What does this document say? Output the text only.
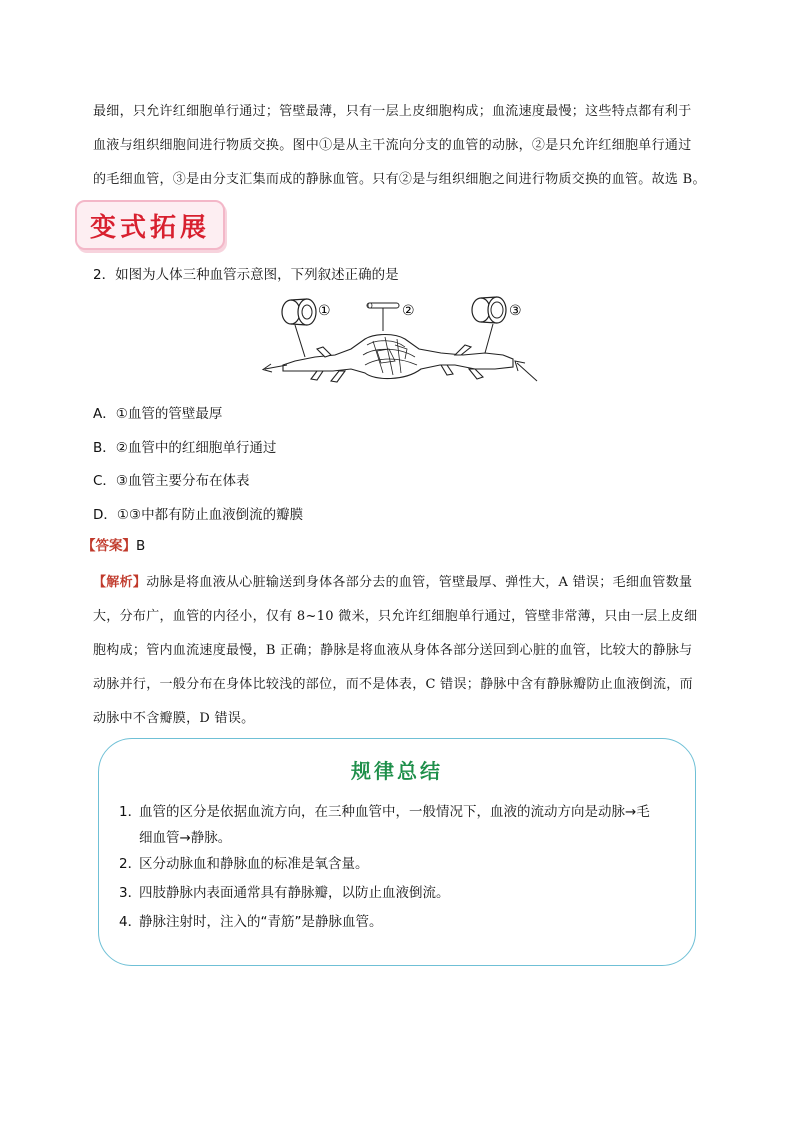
最细，只允许红细胞单行通过；管壁最薄，只有一层上皮细胞构成；血流速度最慢；这些特点都有利于
血液与组织细胞间进行物质交换。图中①是从主干流向分支的血管的动脉，②是只允许红细胞单行通过
的毛细血管，③是由分支汇集而成的静脉血管。只有②是与组织细胞之间进行物质交换的血管。故选 B。

变式拓展

2．如图为人体三种血管示意图，下列叙述正确的是

①	②	③

A．①血管的管壁最厚

B．②血管中的红细胞单行通过

C．③血管主要分布在体表

D．①③中都有防止血液倒流的瓣膜

【答案】B

【解析】动脉是将血液从心脏输送到身体各部分去的血管，管壁最厚、弹性大，A 错误；毛细血管数量
大，分布广，血管的内径小，仅有 8~10 微米，只允许红细胞单行通过，管壁非常薄，只由一层上皮细
胞构成；管内血流速度最慢，B 正确；静脉是将血液从身体各部分送回到心脏的血管，比较大的静脉与
动脉并行，一般分布在身体比较浅的部位，而不是体表，C 错误；静脉中含有静脉瓣防止血液倒流，而
动脉中不含瓣膜，D 错误。

规律总结

1．血管的区分是依据血流方向，在三种血管中，一般情况下，血液的流动方向是动脉→毛
细血管→静脉。

2．区分动脉血和静脉血的标准是氧含量。

3．四肢静脉内表面通常具有静脉瓣，以防止血液倒流。

4．静脉注射时，注入的“青筋”是静脉血管。
